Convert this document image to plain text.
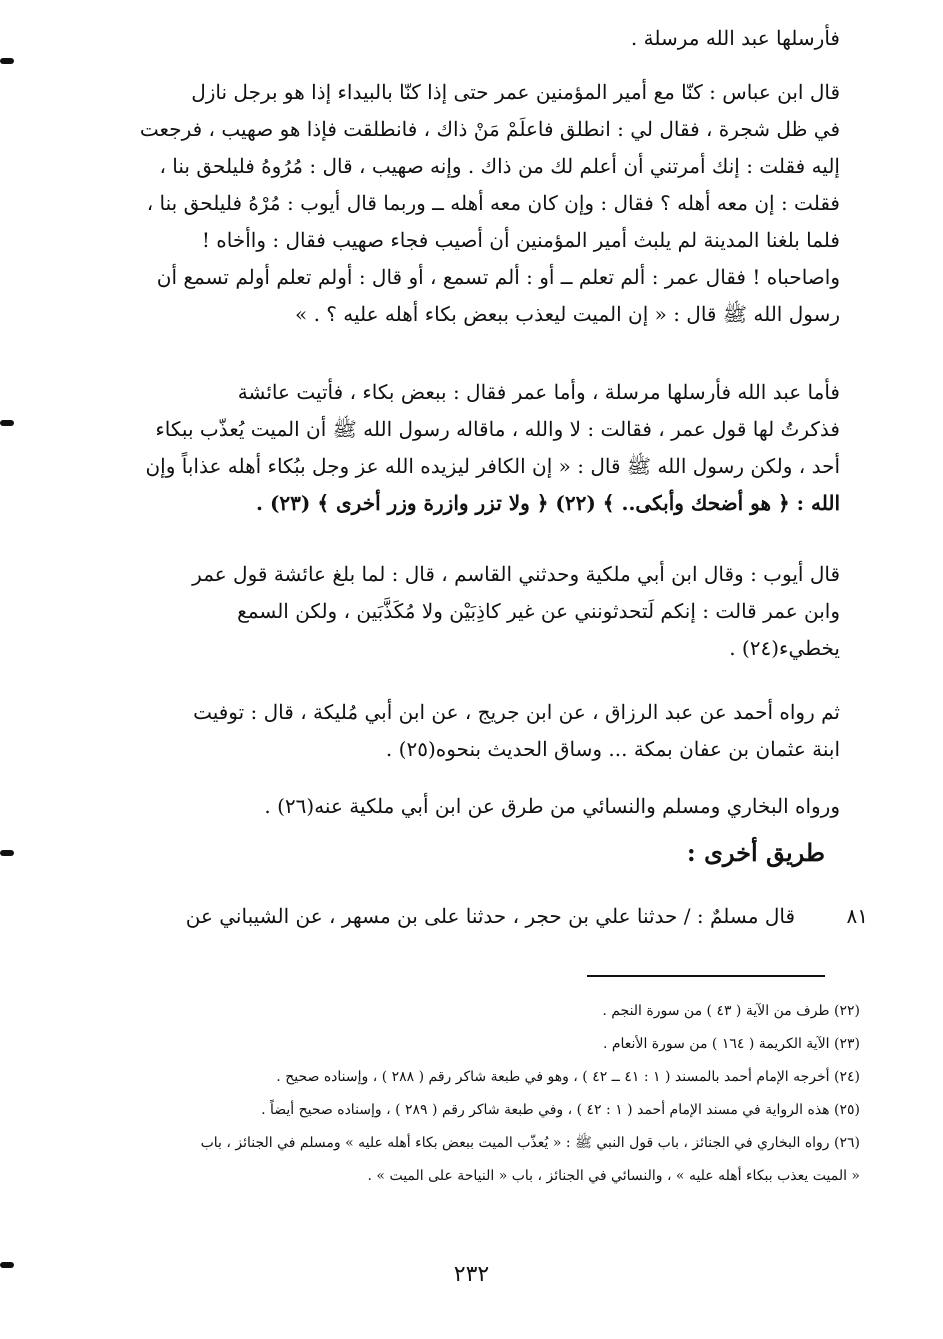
فأرسلها عبد الله مرسلة .
قال ابن عباس : كنّا مع أمير المؤمنين عمر حتى إذا كنّا بالبيداء إذا هو برجل نازل
في ظل شجرة ، فقال لي : انطلق فاعلَمْ مَنْ ذاك ، فانطلقت فإذا هو صهيب ، فرجعت
إليه فقلت : إنك أمرتني أن أعلم لك من ذاك . وإنه صهيب ، قال : مُرُوهُ فليلحق بنا ،
فقلت : إن معه أهله ؟ فقال : وإن كان معه أهله ــ وربما قال أيوب : مُرْهُ فليلحق بنا ،
فلما بلغنا المدينة لم يلبث أمير المؤمنين أن أصيب فجاء صهيب فقال : واأخاه !
واصاحباه ! فقال عمر : ألم تعلم ــ أو : ألم تسمع ، أو قال : أولم تعلم أولم تسمع أن
رسول الله ﷺ قال : « إن الميت ليعذب ببعض بكاء أهله عليه ؟ . »
فأما عبد الله فأرسلها مرسلة ، وأما عمر فقال : ببعض بكاء ، فأتيت عائشة
فذكرتُ لها قول عمر ، فقالت : لا والله ، ماقاله رسول الله ﷺ أن الميت يُعذّب ببكاء
أحد ، ولكن رسول الله ﷺ قال : « إن الكافر ليزيده الله عز وجل ببُكاء أهله عذاباً وإن
الله : ﴿ هو أضحك وأبكى.. ﴾ (٢٢) ﴿ ولا تزر وازرة وزر أخرى ﴾ (٢٣) .
قال أيوب : وقال ابن أبي ملكية وحدثني القاسم ، قال : لما بلغ عائشة قول عمر
وابن عمر قالت : إنكم لَتحدثونني عن غير كاذِبَيْن ولا مُكَذَّبَين ، ولكن السمع
يخطيء(٢٤) .
ثم رواه أحمد عن عبد الرزاق ، عن ابن جريج ، عن ابن أبي مُليكة ، قال : توفيت
ابنة عثمان بن عفان بمكة ... وساق الحديث بنحوه(٢٥) .
ورواه البخاري ومسلم والنسائي من طرق عن ابن أبي ملكية عنه(٢٦) .
طريق أخرى :
٨١
قال مسلمٌ : / حدثنا علي بن حجر ، حدثنا على بن مسهر ، عن الشيباني عن
(٢٢) طرف من الآية ( ٤٣ ) من سورة النجم .
(٢٣) الآية الكريمة ( ١٦٤ ) من سورة الأنعام .
(٢٤) أخرجه الإمام أحمد بالمسند ( ١ : ٤١ ــ ٤٢ ) ، وهو في طبعة شاكر رقم ( ٢٨٨ ) ، وإسناده صحيح .
(٢٥) هذه الرواية في مسند الإمام أحمد ( ١ : ٤٢ ) ، وفي طبعة شاكر رقم ( ٢٨٩ ) ، وإسناده صحيح أيضاً .
(٢٦) رواه البخاري في الجنائز ، باب قول النبي ﷺ : « يُعذّب الميت ببعض بكاء أهله عليه » ومسلم في الجنائز ، باب
« الميت يعذب ببكاء أهله عليه » ، والنسائي في الجنائز ، باب « النياحة على الميت » .
٢٣٢
